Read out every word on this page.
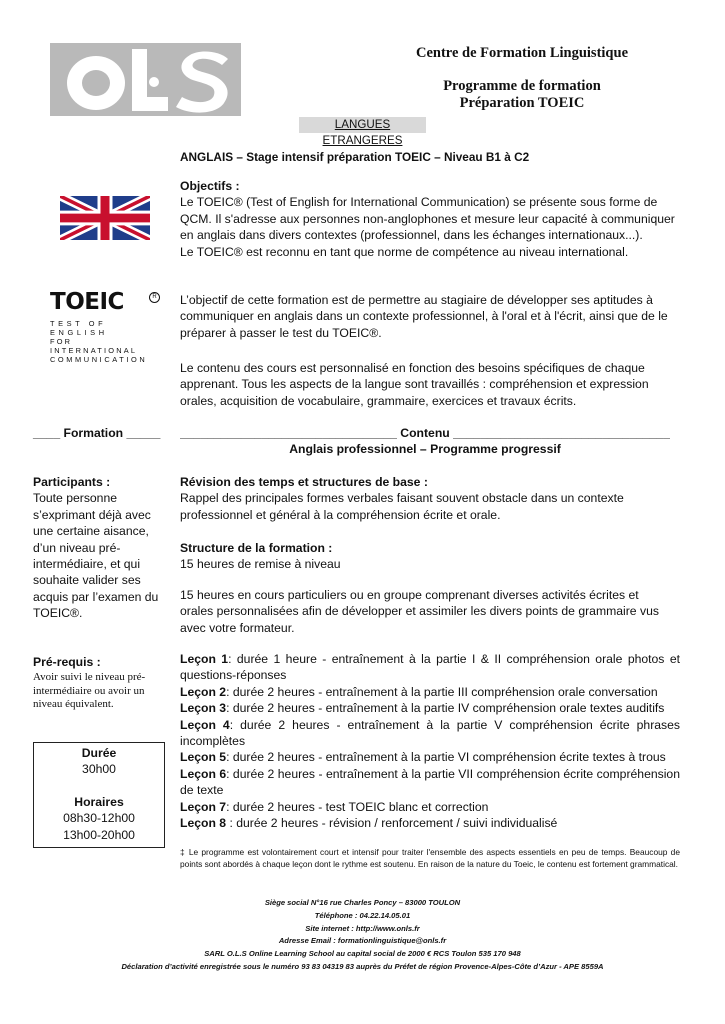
Centre de Formation Linguistique
Programme de formation
Préparation TOEIC
LANGUES ETRANGERES
ANGLAIS – Stage intensif préparation TOEIC – Niveau B1 à C2
TOEIC	R
TEST OF ENGLISH
FOR INTERNATIONAL
COMMUNICATION

Objectifs :

Le TOEIC® (Test of English for International Communication) se présente sous forme de QCM. Il s'adresse aux personnes non-anglophones et mesure leur capacité à communiquer en anglais dans divers contextes (professionnel, dans les échanges internationaux...).

Le TOEIC® est reconnu en tant que norme de compétence au niveau international.

L’objectif de cette formation est de permettre au stagiaire de développer ses aptitudes à communiquer en anglais dans un contexte professionnel, à l'oral et à l'écrit, ainsi que de le préparer à passer le test du TOEIC®.
Le contenu des cours est personnalisé en fonction des besoins spécifiques de chaque apprenant. Tous les aspects de la langue sont travaillés : compréhension et expression orales, acquisition de vocabulaire, grammaire, exercices et travaux écrits.
____ Formation _____ ________________________________ Contenu ________________________________
Anglais professionnel – Programme progressif
Participants :
Toute personne s’exprimant déjà avec une certaine aisance, d’un niveau pré-intermédiaire, et qui souhaite valider ses acquis par l’examen du TOEIC®.
Pré-requis :
Avoir suivi le niveau pré-intermédiaire ou avoir un niveau équivalent.
Durée
30h00
Horaires
08h30-12h00
13h00-20h00
Révision des temps et structures de base :
Rappel des principales formes verbales faisant souvent obstacle dans un contexte professionnel et général à la compréhension écrite et orale.
Structure de la formation :
15 heures de remise à niveau
15 heures en cours particuliers ou en groupe comprenant diverses activités écrites et orales personnalisées afin de développer et assimiler les divers points de grammaire vus avec votre formateur.

Leçon 1: durée 1 heure - entraînement à la partie I & II compréhension orale photos et questions-réponses

Leçon 2: durée 2 heures - entraînement à la partie III compréhension orale conversation

Leçon 3: durée 2 heures - entraînement à la partie IV compréhension orale textes auditifs

Leçon 4: durée 2 heures - entraînement à la partie V compréhension écrite phrases incomplètes

Leçon 5: durée 2 heures - entraînement à la partie VI compréhension écrite textes à trous

Leçon 6: durée 2 heures - entraînement à la partie VII compréhension écrite compréhension de texte

Leçon 7: durée 2 heures - test TOEIC blanc et correction

Leçon 8 : durée 2 heures - révision / renforcement / suivi individualisé

‡ Le programme est volontairement court et intensif pour traiter l'ensemble des aspects essentiels en peu de temps. Beaucoup de points sont abordés à chaque leçon dont le rythme est soutenu. En raison de la nature du Toeic, le contenu est fortement grammatical.
Siège social N°16 rue Charles Poncy – 83000 TOULON
Téléphone : 04.22.14.05.01
Site internet : http://www.onls.fr
Adresse Email : formationlinguistique@onls.fr
SARL O.L.S Online Learning School au capital social de 2000 € RCS Toulon 535 170 948
Déclaration d’activité enregistrée sous le numéro 93 83 04319 83 auprès du Préfet de région Provence-Alpes-Côte d’Azur - APE 8559A
